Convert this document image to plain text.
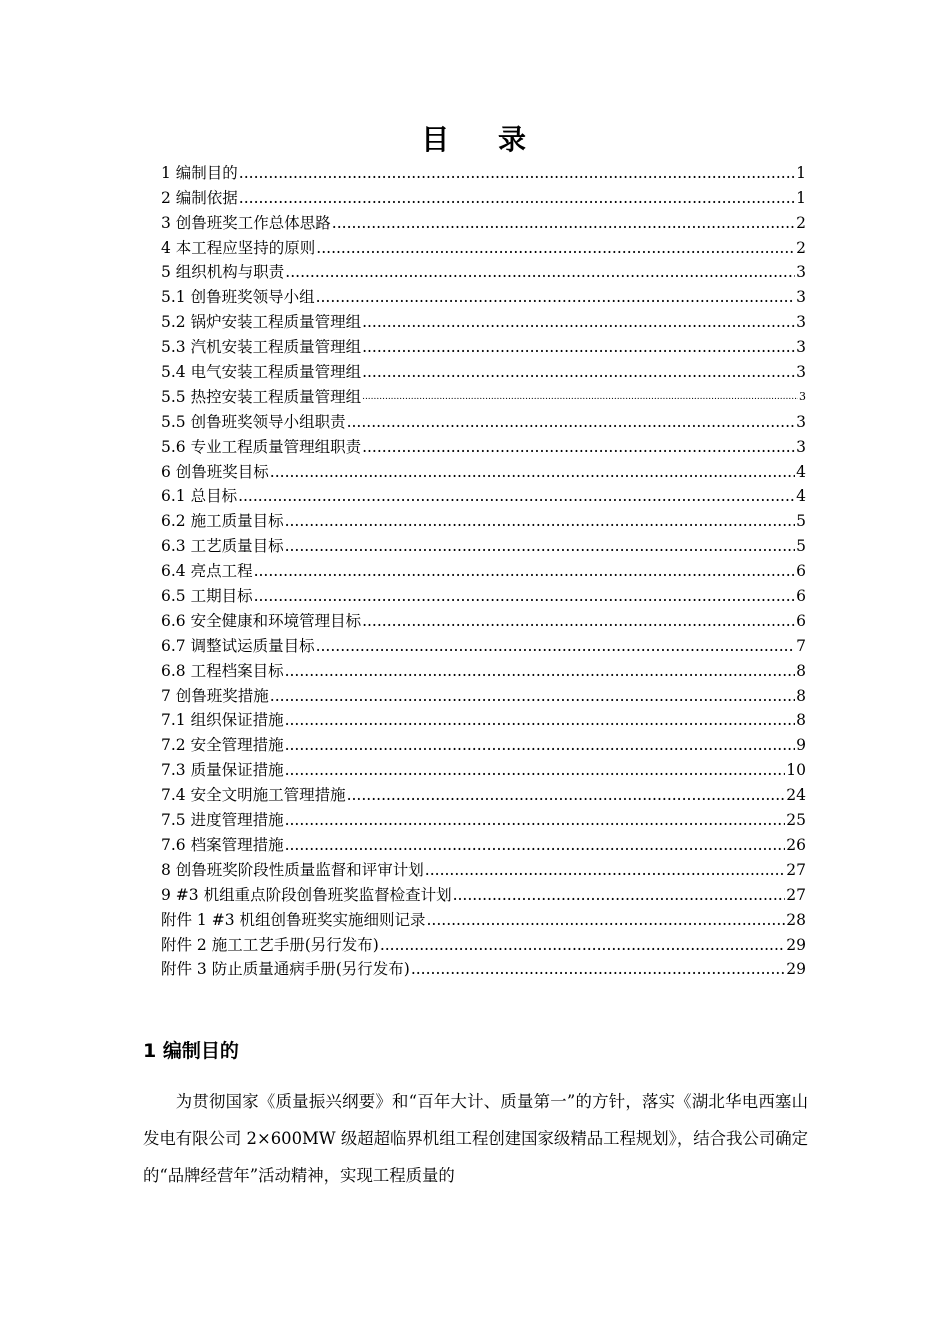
目 录
1 编制目的 .....	1
2 编制依据 .....	1
3 创鲁班奖工作总体思路 .....	2
4 本工程应坚持的原则 .....	2
5 组织机构与职责 .....	3
5.1 创鲁班奖领导小组 .....	3
5.2 锅炉安装工程质量管理组 .....	3
5.3 汽机安装工程质量管理组 .....	3
5.4 电气安装工程质量管理组 .....	3
5.5 热控安装工程质量管理组 .....	3
5.5 创鲁班奖领导小组职责 .....	3
5.6 专业工程质量管理组职责 .....	3
6 创鲁班奖目标 .....	4
6.1 总目标 .....	4
6.2 施工质量目标 .....	5
6.3 工艺质量目标 .....	5
6.4 亮点工程 .....	6
6.5 工期目标 .....	6
6.6 安全健康和环境管理目标 .....	6
6.7 调整试运质量目标 .....	7
6.8 工程档案目标 .....	8
7 创鲁班奖措施 .....	8
7.1 组织保证措施 .....	8
7.2 安全管理措施 .....	9
7.3 质量保证措施 .....	10
7.4 安全文明施工管理措施 .....	24
7.5 进度管理措施 .....	25
7.6 档案管理措施 .....	26
8 创鲁班奖阶段性质量监督和评审计划 .....	27
9 #3 机组重点阶段创鲁班奖监督检查计划 .....	27
附件 1 #3 机组创鲁班奖实施细则记录 .....	28
附件 2 施工工艺手册(另行发布) .....	29
附件 3 防止质量通病手册(另行发布) .....	29
1 编制目的

为贯彻国家《质量振兴纲要》和“百年大计、质量第一”的方针，落实《湖北华电西塞山发电有限公司 2×600MW 级超超临界机组工程创建国家级精品工程规划》，结合我公司确定的“品牌经营年”活动精神，实现工程质量的
